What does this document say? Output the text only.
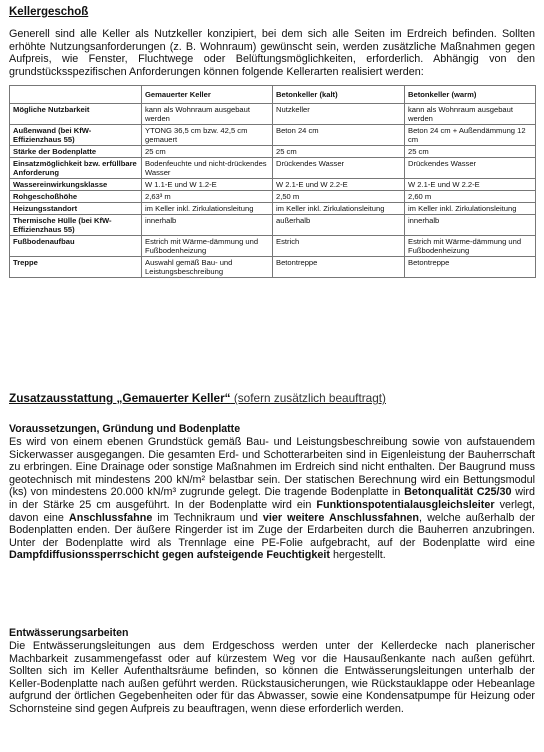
Kellergeschoß

Generell sind alle Keller als Nutzkeller konzipiert, bei dem sich alle Seiten im Erdreich befinden. Sollten erhöhte Nutzungsanforderungen (z. B. Wohnraum) gewünscht sein, werden zusätzliche Maßnahmen gegen Aufpreis, wie Fenster, Fluchtwege oder Belüftungsmöglichkeiten, erforderlich. Abhängig von den grundstücksspezifischen Anforderungen können folgende Kellerarten realisiert werden:

	Gemauerter Keller	Betonkeller (kalt)	Betonkeller (warm)
Mögliche Nutzbarkeit	kann als Wohnraum ausgebaut werden	Nutzkeller	kann als Wohnraum ausgebaut werden
Außenwand (bei KfW-Effizienzhaus 55)	YTONG 36,5 cm bzw. 42,5 cm gemauert	Beton 24 cm	Beton 24 cm + Außendämmung 12 cm
Stärke der Bodenplatte	25 cm	25 cm	25 cm
Einsatzmöglichkeit bzw. erfüllbare Anforderung	Bodenfeuchte und nicht-drückendes Wasser	Drückendes Wasser	Drückendes Wasser
Wassereinwirkungsklasse	W 1.1-E und W 1.2-E	W 2.1-E und W 2.2-E	W 2.1-E und W 2.2-E
Rohgeschoßhöhe	2,63³ m	2,50 m	2,60 m
Heizungsstandort	im Keller inkl. Zirkulationsleitung	im Keller inkl. Zirkulationsleitung	im Keller inkl. Zirkulationsleitung
Thermische Hülle (bei KfW-Effizienzhaus 55)	innerhalb	außerhalb	innerhalb
Fußbodenaufbau	Estrich mit Wärme-dämmung und Fußbodenheizung	Estrich	Estrich mit Wärme-dämmung und Fußbodenheizung
Treppe	Auswahl gemäß Bau- und Leistungsbeschreibung	Betontreppe	Betontreppe

Zusatzausstattung „Gemauerter Keller“ (sofern zusätzlich beauftragt)

Voraussetzungen, Gründung und Bodenplatte

Es wird von einem ebenen Grundstück gemäß Bau- und Leistungsbeschreibung sowie von aufstauendem Sickerwasser ausgegangen. Die gesamten Erd- und Schotterarbeiten sind in Eigenleistung der Bauherrschaft zu erbringen. Eine Drainage oder sonstige Maßnahmen im Erdreich sind nicht enthalten. Der Baugrund muss geotechnisch mit mindestens 200 kN/m² belastbar sein. Der statischen Berechnung wird ein Bettungsmodul (ks) von mindestens 20.000 kN/m³ zugrunde gelegt. Die tragende Bodenplatte in Betonqualität C25/30 wird in der Stärke 25 cm ausgeführt. In der Bodenplatte wird ein Funktionspotentialausgleichsleiter verlegt, davon eine Anschlussfahne im Technikraum und vier weitere Anschlussfahnen, welche außerhalb der Bodenplatten enden. Der äußere Ringerder ist im Zuge der Erdarbeiten durch die Bauherren anzubringen. Unter der Bodenplatte wird als Trennlage eine PE-Folie aufgebracht, auf der Bodenplatte wird eine Dampfdiffusionssperrschicht gegen aufsteigende Feuchtigkeit hergestellt.

Entwässerungsarbeiten

Die Entwässerungsleitungen aus dem Erdgeschoss werden unter der Kellerdecke nach planerischer Machbarkeit zusammengefasst oder auf kürzestem Weg vor die Hausaußenkante nach außen geführt. Sollten sich im Keller Aufenthaltsräume befinden, so können die Entwässerungsleitungen unterhalb der Keller-Bodenplatte nach außen geführt werden. Rückstausicherungen, wie Rückstauklappe oder Hebeanlage aufgrund der örtlichen Gegebenheiten oder für das Abwasser, sowie eine Kondensatpumpe für Heizung oder Schornsteine sind gegen Aufpreis zu beauftragen, wenn diese erforderlich werden.
